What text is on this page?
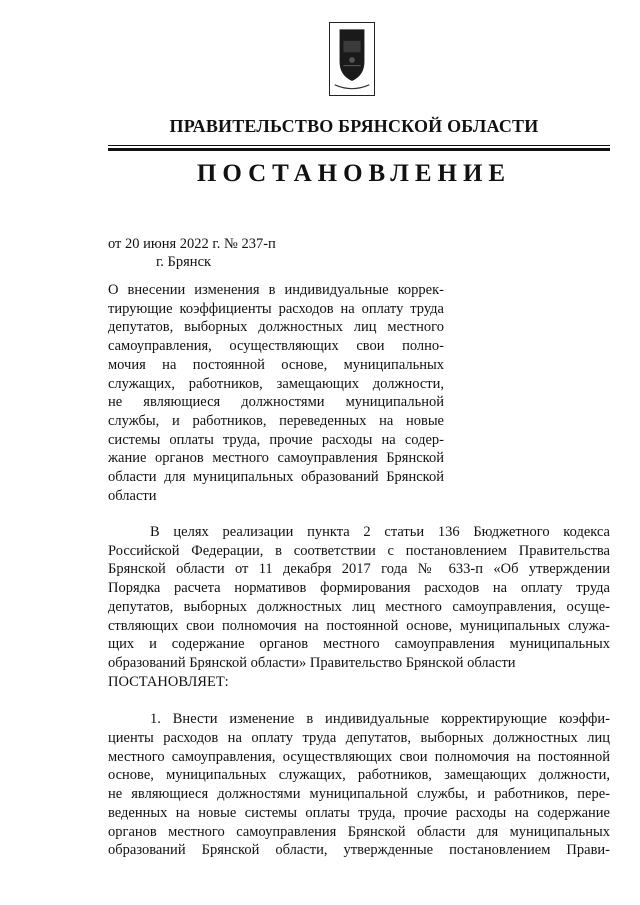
ПРАВИТЕЛЬСТВО БРЯНСКОЙ ОБЛАСТИ
ПОСТАНОВЛЕНИЕ
от 20 июня 2022 г. № 237-п
г. Брянск
О внесении изменения в индивидуальные коррек-
тирующие коэффициенты расходов на оплату труда
депутатов, выборных должностных лиц местного
самоуправления, осуществляющих свои полно-
мочия на постоянной основе, муниципальных
служащих, работников, замещающих должности,
не являющиеся должностями муниципальной
службы, и работников, переведенных на новые
системы оплаты труда, прочие расходы на содер-
жание органов местного самоуправления Брянской
области для муниципальных образований Брянской
области
В целях реализации пункта 2 статьи 136 Бюджетного кодекса
Российской Федерации, в соответствии с постановлением Правительства
Брянской области от 11 декабря 2017 года № 633-п «Об утверждении
Порядка расчета нормативов формирования расходов на оплату труда
депутатов, выборных должностных лиц местного самоуправления, осуще-
ствляющих свои полномочия на постоянной основе, муниципальных служа-
щих и содержание органов местного самоуправления муниципальных
образований Брянской области» Правительство Брянской области
ПОСТАНОВЛЯЕТ:
1. Внести изменение в индивидуальные корректирующие коэффи-
циенты расходов на оплату труда депутатов, выборных должностных лиц
местного самоуправления, осуществляющих свои полномочия на постоянной
основе, муниципальных служащих, работников, замещающих должности,
не являющиеся должностями муниципальной службы, и работников, пере-
веденных на новые системы оплаты труда, прочие расходы на содержание
органов местного самоуправления Брянской области для муниципальных
образований Брянской области, утвержденные постановлением Прави-
